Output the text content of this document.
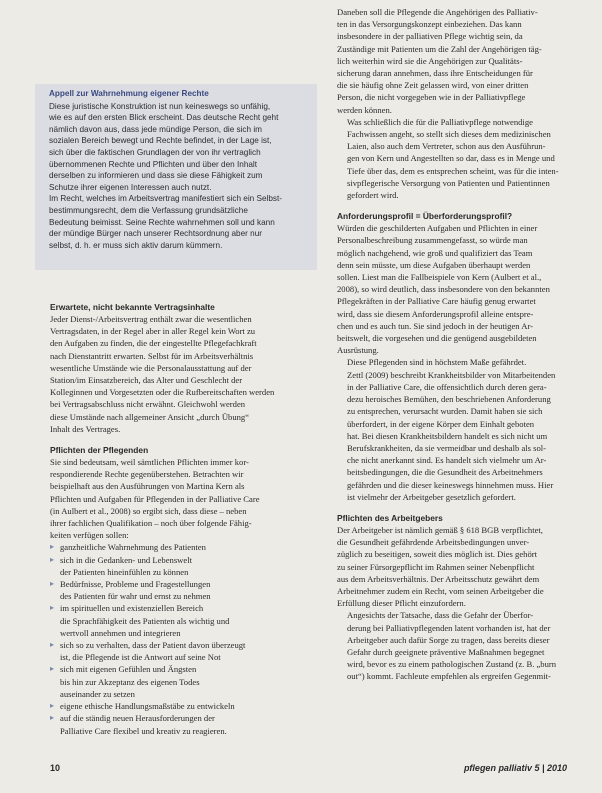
Appell zur Wahrnehmung eigener Rechte
Diese juristische Konstruktion ist nun keineswegs so unfähig,
wie es auf den ersten Blick erscheint. Das deutsche Recht geht
nämlich davon aus, dass jede mündige Person, die sich im
sozialen Bereich bewegt und Rechte befindet, in der Lage ist,
sich über die faktischen Grundlagen der von ihr vertraglich
übernommenen Rechte und Pflichten und über den Inhalt
derselben zu informieren und dass sie diese Fähigkeit zum
Schutze ihrer eigenen Interessen auch nutzt.
Im Recht, welches im Arbeitsvertrag manifestiert sich ein Selbst-
bestimmungsrecht, dem die Verfassung grundsätzliche
Bedeutung beimisst. Seine Rechte wahrnehmen soll und kann
der mündige Bürger nach unserer Rechtsordnung aber nur
selbst, d. h. er muss sich aktiv darum kümmern.
Erwartete, nicht bekannte Vertragsinhalte
Jeder Dienst-/Arbeitsvertrag enthält zwar die wesentlichen
Vertragsdaten, in der Regel aber in aller Regel kein Wort zu
den Aufgaben zu finden, die der eingestellte Pflegefachkraft
nach Dienstantritt erwarten. Selbst für im Arbeitsverhältnis
wesentliche Umstände wie die Personalausstattung auf der
Station/im Einsatzbereich, das Alter und Geschlecht der
Kolleginnen und Vorgesetzten oder die Rufbereitschaften werden
bei Vertragsabschluss nicht erwähnt. Gleichwohl werden
diese Umstände nach allgemeiner Ansicht „durch Übung“
Inhalt des Vertrages.
Pflichten der Pflegenden
Sie sind bedeutsam, weil sämtlichen Pflichten immer kor-
respondierende Rechte gegenüberstehen. Betrachten wir
beispielhaft aus den Ausführungen von Martina Kern als
Pflichten und Aufgaben für Pflegenden in der Palliative Care
(in Aulbert et al., 2008) so ergibt sich, dass diese – neben
ihrer fachlichen Qualifikation – noch über folgende Fähig-
keiten verfügen sollen:
▸ ganzheitliche Wahrnehmung des Patienten
▸ sich in die Gedanken- und Lebenswelt
der Patienten hineinfühlen zu können
▸ Bedürfnisse, Probleme und Fragestellungen
des Patienten für wahr und ernst zu nehmen
▸ im spirituellen und existenziellen Bereich
die Sprachfähigkeit des Patienten als wichtig und
wertvoll annehmen und integrieren
▸ sich so zu verhalten, dass der Patient davon überzeugt
ist, die Pflegende ist die Antwort auf seine Not
▸ sich mit eigenen Gefühlen und Ängsten
bis hin zur Akzeptanz des eigenen Todes
auseinander zu setzen
▸ eigene ethische Handlungsmaßstäbe zu entwickeln
▸ auf die ständig neuen Herausforderungen der
Palliative Care flexibel und kreativ zu reagieren.
Daneben soll die Pflegende die Angehörigen des Palliativ-
ten in das Versorgungskonzept einbeziehen. Das kann
insbesondere in der palliativen Pflege wichtig sein, da
Zuständige mit Patienten um die Zahl der Angehörigen täg-
lich weiterhin wird sie die Angehörigen zur Qualitäts-
sicherung daran annehmen, dass ihre Entscheidungen für
die sie häufig ohne Zeit gelassen wird, von einer dritten
Person, die nicht vorgegeben wie in der Palliativpflege
werden können.
Was schließlich die für die Palliativpflege notwendige
Fachwissen angeht, so stellt sich dieses dem medizinischen
Laien, also auch dem Vertreter, schon aus den Ausführun-
gen von Kern und Angestellten so dar, dass es in Menge und
Tiefe über das, dem es entsprechen scheint, was für die inten-
sivpflegerische Versorgung von Patienten und Patientinnen
gefordert wird.
Anforderungsprofil = Überforderungsprofil?
Würden die geschilderten Aufgaben und Pflichten in einer
Personalbeschreibung zusammengefasst, so würde man
möglich nachgehend, wie groß und qualifiziert das Team
denn sein müsste, um diese Aufgaben überhaupt werden
sollen. Liest man die Fallbeispiele von Kern (Aulbert et al.,
2008), so wird deutlich, dass insbesondere von den bekannten
Pflegekräften in der Palliative Care häufig genug erwartet
wird, dass sie diesem Anforderungsprofil alleine entspre-
chen und es auch tun. Sie sind jedoch in der heutigen Ar-
beitswelt, die vorgesehen und die genügend ausgebildeten
Ausrüstung.
Diese Pflegenden sind in höchstem Maße gefährdet.
Zettl (2009) beschreibt Krankheitsbilder von Mitarbeitenden
in der Palliative Care, die offensichtlich durch deren gera-
dezu heroisches Bemühen, den beschriebenen Anforderung
zu entsprechen, verursacht wurden. Damit haben sie sich
überfordert, in der eigene Körper dem Einhalt geboten
hat. Bei diesen Krankheitsbildern handelt es sich nicht um
Berufskrankheiten, da sie vermeidbar und deshalb als sol-
che nicht anerkannt sind. Es handelt sich vielmehr um Ar-
beitsbedingungen, die die Gesundheit des Arbeitnehmers
gefährden und die dieser keineswegs hinnehmen muss. Hier
ist vielmehr der Arbeitgeber gesetzlich gefordert.
Pflichten des Arbeitgebers
Der Arbeitgeber ist nämlich gemäß § 618 BGB verpflichtet,
die Gesundheit gefährdende Arbeitsbedingungen unver-
züglich zu beseitigen, soweit dies möglich ist. Dies gehört
zu seiner Fürsorgepflicht im Rahmen seiner Nebenpflicht
aus dem Arbeitsverhältnis. Der Arbeitsschutz gewährt dem
Arbeitnehmer zudem ein Recht, vom seinen Arbeitgeber die
Erfüllung dieser Pflicht einzufordern.
Angesichts der Tatsache, dass die Gefahr der Überfor-
derung bei Palliativpflegenden latent vorhanden ist, hat der
Arbeitgeber auch dafür Sorge zu tragen, dass bereits dieser
Gefahr durch geeignete präventive Maßnahmen begegnet
wird, bevor es zu einem pathologischen Zustand (z. B. „burn
out“) kommt. Fachleute empfehlen als ergreifen Gegenmit-
10	pflegen palliativ 5 | 2010
